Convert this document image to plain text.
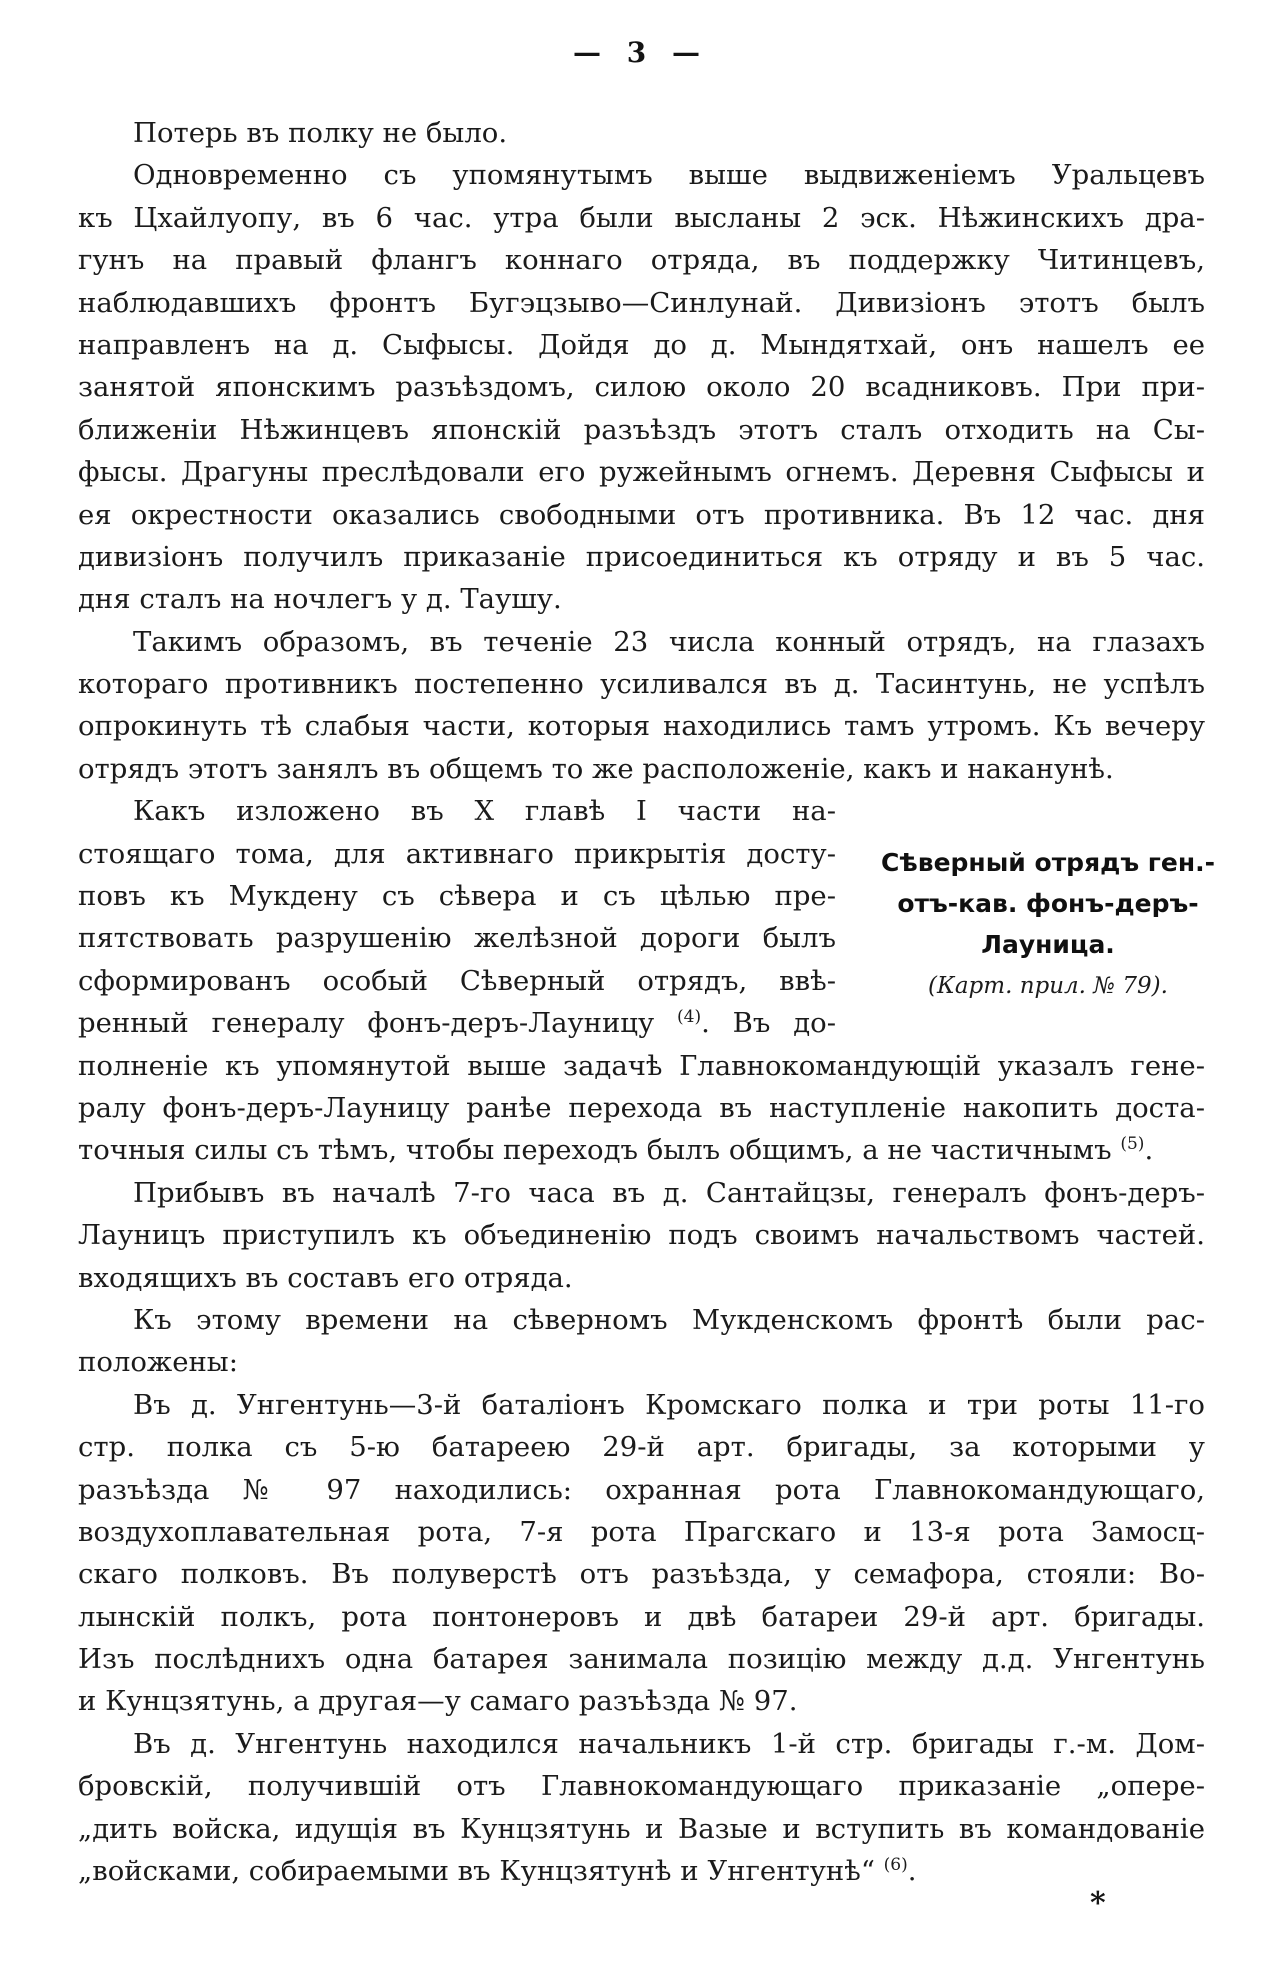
— 3 —
Потерь въ полку не было.
Одновременно съ упомянутымъ выше выдвиженіемъ Уральцевъ
къ Цхайлуопу, въ 6 час. утра были высланы 2 эск. Нѣжинскихъ дра-
гунъ на правый флангъ коннаго отряда, въ поддержку Читинцевъ,
наблюдавшихъ фронтъ Бугэцзыво—Синлунай. Дивизіонъ этотъ былъ
направленъ на д. Сыфысы. Дойдя до д. Мындятхай, онъ нашелъ ее
занятой японскимъ разъѣздомъ, силою около 20 всадниковъ. При при-
ближеніи Нѣжинцевъ японскій разъѣздъ этотъ сталъ отходить на Сы-
фысы. Драгуны преслѣдовали его ружейнымъ огнемъ. Деревня Сыфысы и
ея окрестности оказались свободными отъ противника. Въ 12 час. дня
дивизіонъ получилъ приказаніе присоединиться къ отряду и въ 5 час.
дня сталъ на ночлегъ у д. Таушу.
Такимъ образомъ, въ теченіе 23 числа конный отрядъ, на глазахъ
котораго противникъ постепенно усиливался въ д. Тасинтунь, не успѣлъ
опрокинуть тѣ слабыя части, которыя находились тамъ утромъ. Къ вечеру
отрядъ этотъ занялъ въ общемъ то же расположеніе, какъ и наканунѣ.
Какъ изложено въ X главѣ I части на-
стоящаго тома, для активнаго прикрытія досту-
повъ къ Мукдену съ сѣвера и съ цѣлью пре-
пятствовать разрушенію желѣзной дороги былъ
сформированъ особый Сѣверный отрядъ, ввѣ-
ренный генералу фонъ-деръ-Лауницу $^{(4)}$. Въ до-
полненіе къ упомянутой выше задачѣ Главнокомандующій указалъ гене-
ралу фонъ-деръ-Лауницу ранѣе перехода въ наступленіе накопить доста-
точныя силы съ тѣмъ, чтобы переходъ былъ общимъ, а не частичнымъ $^{(5)}$.
Прибывъ въ началѣ 7-го часа въ д. Сантайцзы, генералъ фонъ-деръ-
Лауницъ приступилъ къ объединенію подъ своимъ начальствомъ частей.
входящихъ въ составъ его отряда.
Къ этому времени на сѣверномъ Мукденскомъ фронтѣ были рас-
положены:
Въ д. Унгентунь—3-й баталіонъ Кромскаго полка и три роты 11-го
стр. полка съ 5-ю батареею 29-й арт. бригады, за которыми у
разъѣзда № 97 находились: охранная рота Главнокомандующаго,
воздухоплавательная рота, 7-я рота Прагскаго и 13-я рота Замосц-
скаго полковъ. Въ полуверстѣ отъ разъѣзда, у семафора, стояли: Во-
лынскій полкъ, рота понтонеровъ и двѣ батареи 29-й арт. бригады.
Изъ послѣднихъ одна батарея занимала позицію между д.д. Унгентунь
и Кунцзятунь, а другая—у самаго разъѣзда № 97.
Въ д. Унгентунь находился начальникъ 1-й стр. бригады г.-м. Дом-
бровскій, получившій отъ Главнокомандующаго приказаніе „опере-
„дить войска, идущія въ Кунцзятунь и Вазые и вступить въ командованіе
„войсками, собираемыми въ Кунцзятунѣ и Унгентунѣ“ $^{(6)}$.
Сѣверный отрядъ ген.-
отъ-кав. фонъ-деръ-
Лауница.
(Карт. прил. № 79).
*
